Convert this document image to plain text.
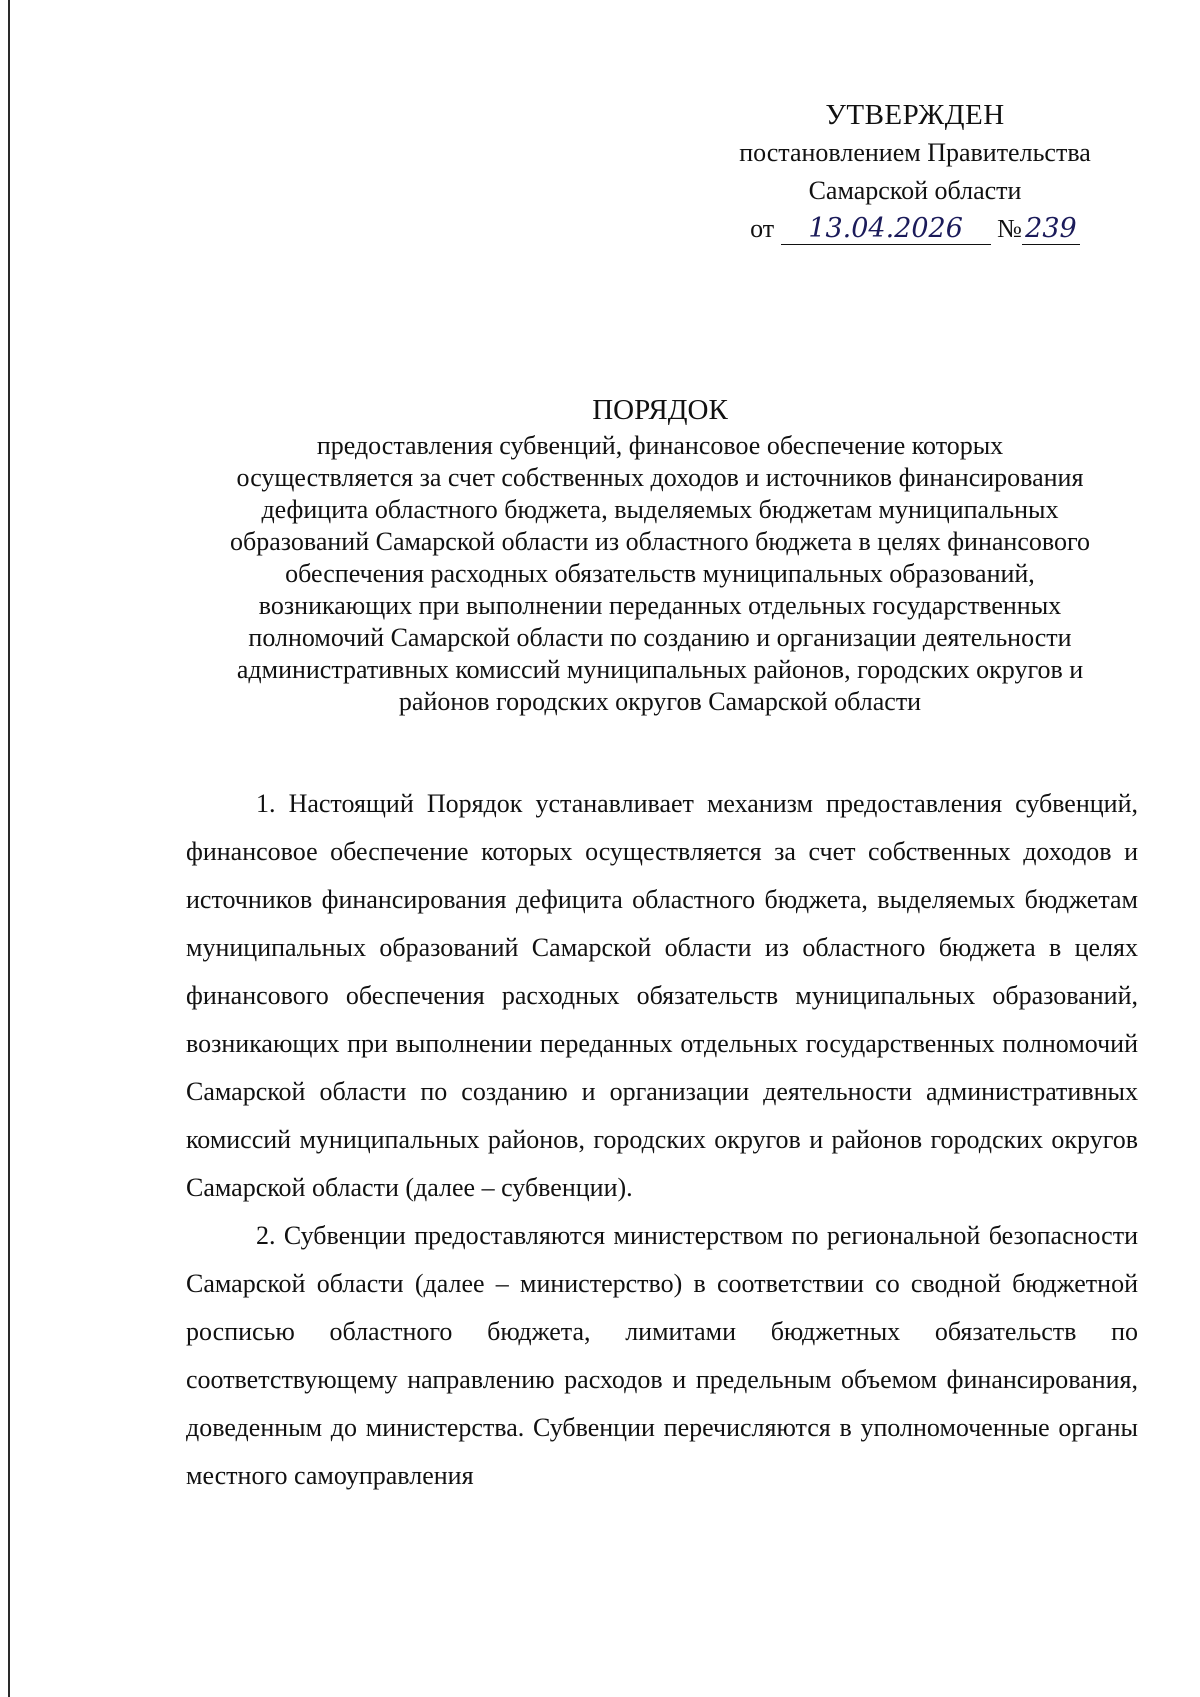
УТВЕРЖДЕН
постановлением Правительства
Самарской области
от 13.04.2026 № 239
ПОРЯДОК
предоставления субвенций, финансовое обеспечение которых
осуществляется за счет собственных доходов и источников финансирования
дефицита областного бюджета, выделяемых бюджетам муниципальных
образований Самарской области из областного бюджета в целях финансового
обеспечения расходных обязательств муниципальных образований,
возникающих при выполнении переданных отдельных государственных
полномочий Самарской области по созданию и организации деятельности
административных комиссий муниципальных районов, городских округов и
районов городских округов Самарской области

1. Настоящий Порядок устанавливает механизм предоставления субвенций, финансовое обеспечение которых осуществляется за счет собственных доходов и источников финансирования дефицита областного бюджета, выделяемых бюджетам муниципальных образований Самарской области из областного бюджета в целях финансового обеспечения расходных обязательств муниципальных образований, возникающих при выполнении переданных отдельных государственных полномочий Самарской области по созданию и организации деятельности административных комиссий муниципальных районов, городских округов и районов городских округов Самарской области (далее – субвенции).

2. Субвенции предоставляются министерством по региональной безопасности Самарской области (далее – министерство) в соответствии со сводной бюджетной росписью областного бюджета, лимитами бюджетных обязательств по соответствующему направлению расходов и предельным объемом финансирования, доведенным до министерства. Субвенции перечисляются в уполномоченные органы местного самоуправления
